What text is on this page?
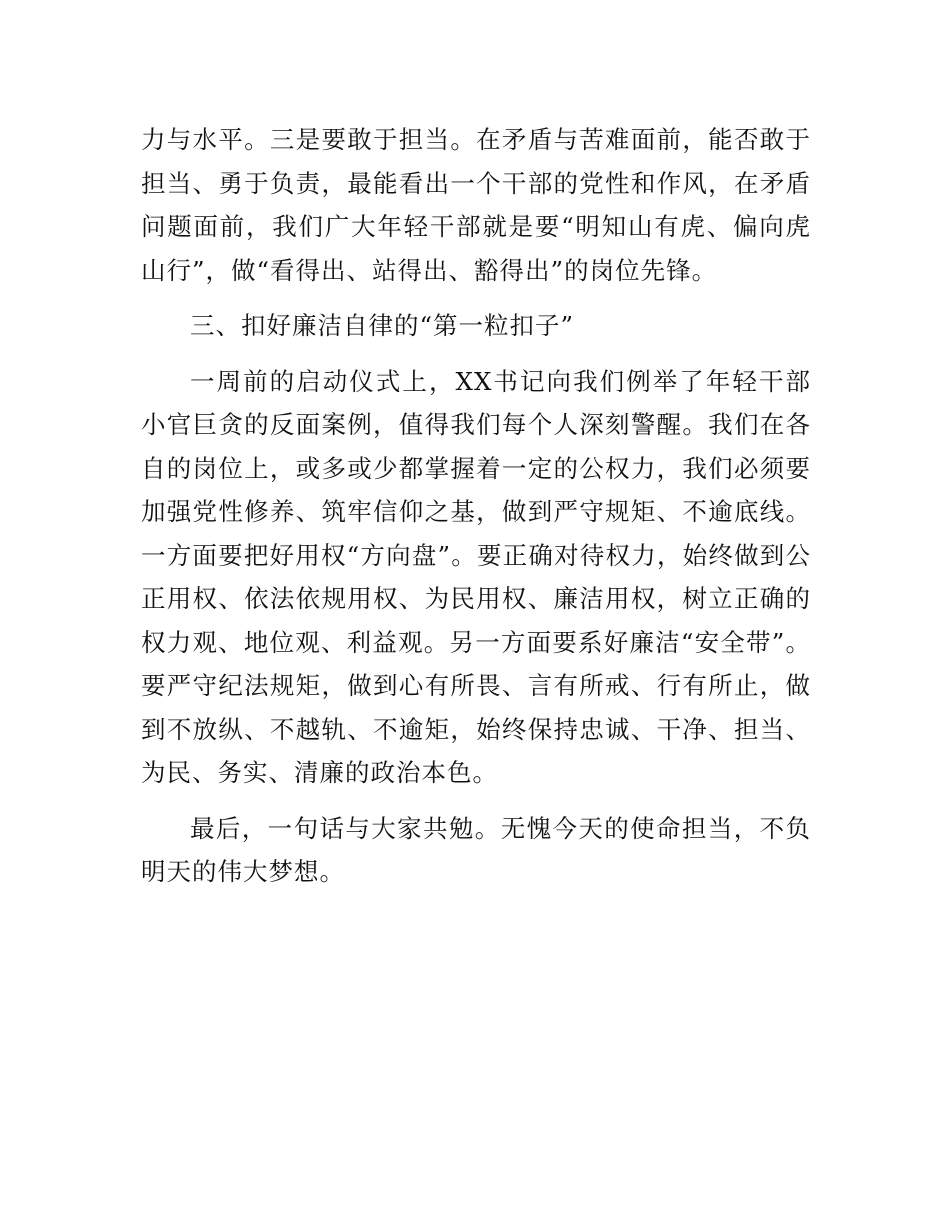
力与水平。三是要敢于担当。在矛盾与苦难面前，能否敢于担当、勇于负责，最能看出一个干部的党性和作风，在矛盾问题面前，我们广大年轻干部就是要“明知山有虎、偏向虎山行”，做“看得出、站得出、豁得出”的岗位先锋。

三、扣好廉洁自律的“第一粒扣子”

一周前的启动仪式上，XX书记向我们例举了年轻干部小官巨贪的反面案例，值得我们每个人深刻警醒。我们在各自的岗位上，或多或少都掌握着一定的公权力，我们必须要加强党性修养、筑牢信仰之基，做到严守规矩、不逾底线。一方面要把好用权“方向盘”。要正确对待权力，始终做到公正用权、依法依规用权、为民用权、廉洁用权，树立正确的权力观、地位观、利益观。另一方面要系好廉洁“安全带”。要严守纪法规矩，做到心有所畏、言有所戒、行有所止，做到不放纵、不越轨、不逾矩，始终保持忠诚、干净、担当、为民、务实、清廉的政治本色。

最后，一句话与大家共勉。无愧今天的使命担当，不负明天的伟大梦想。
